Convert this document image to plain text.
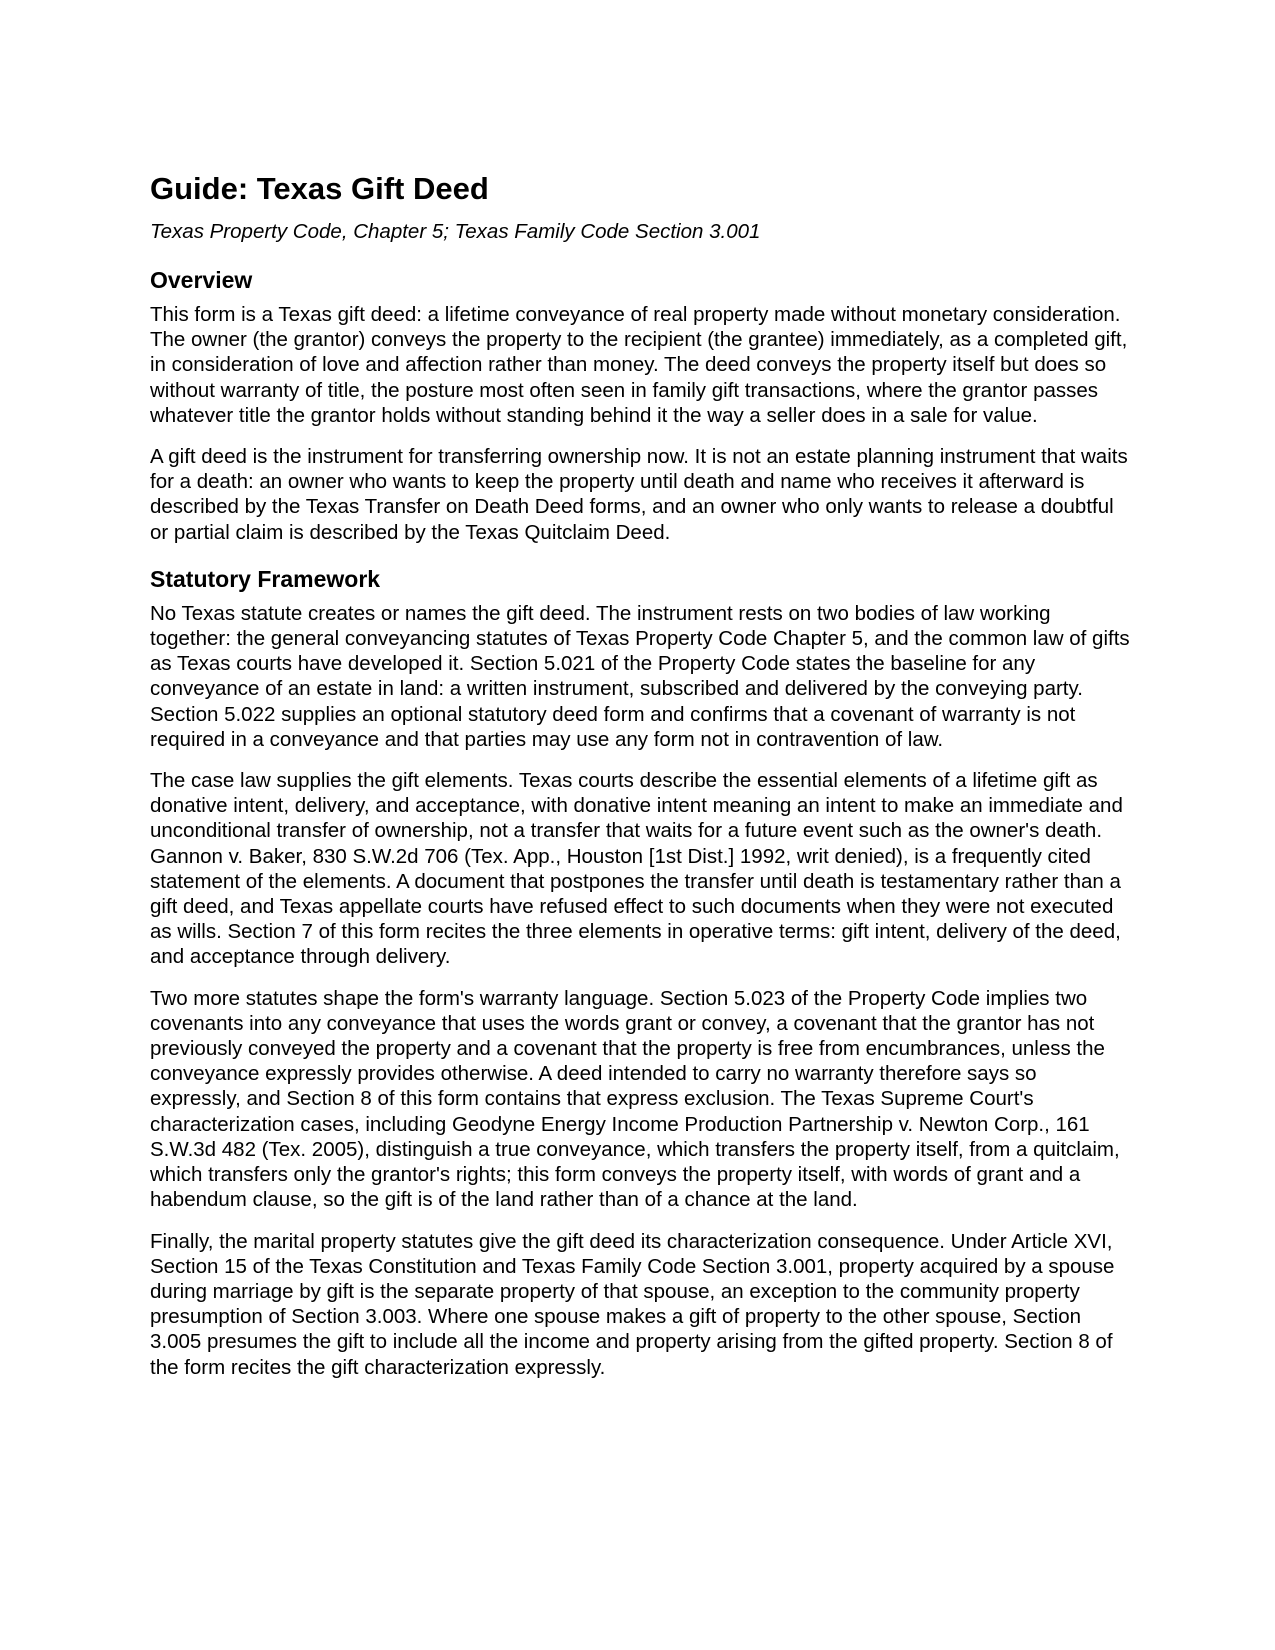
Guide: Texas Gift Deed
Texas Property Code, Chapter 5; Texas Family Code Section 3.001
Overview

This form is a Texas gift deed: a lifetime conveyance of real property made without monetary consideration. The owner (the grantor) conveys the property to the recipient (the grantee) immediately, as a completed gift, in consideration of love and affection rather than money. The deed conveys the property itself but does so without warranty of title, the posture most often seen in family gift transactions, where the grantor passes whatever title the grantor holds without standing behind it the way a seller does in a sale for value.

A gift deed is the instrument for transferring ownership now. It is not an estate planning instrument that waits for a death: an owner who wants to keep the property until death and name who receives it afterward is described by the Texas Transfer on Death Deed forms, and an owner who only wants to release a doubtful or partial claim is described by the Texas Quitclaim Deed.

Statutory Framework

No Texas statute creates or names the gift deed. The instrument rests on two bodies of law working together: the general conveyancing statutes of Texas Property Code Chapter 5, and the common law of gifts as Texas courts have developed it. Section 5.021 of the Property Code states the baseline for any conveyance of an estate in land: a written instrument, subscribed and delivered by the conveying party. Section 5.022 supplies an optional statutory deed form and confirms that a covenant of warranty is not required in a conveyance and that parties may use any form not in contravention of law.

The case law supplies the gift elements. Texas courts describe the essential elements of a lifetime gift as donative intent, delivery, and acceptance, with donative intent meaning an intent to make an immediate and unconditional transfer of ownership, not a transfer that waits for a future event such as the owner's death. Gannon v. Baker, 830 S.W.2d 706 (Tex. App., Houston [1st Dist.] 1992, writ denied), is a frequently cited statement of the elements. A document that postpones the transfer until death is testamentary rather than a gift deed, and Texas appellate courts have refused effect to such documents when they were not executed as wills. Section 7 of this form recites the three elements in operative terms: gift intent, delivery of the deed, and acceptance through delivery.

Two more statutes shape the form's warranty language. Section 5.023 of the Property Code implies two covenants into any conveyance that uses the words grant or convey, a covenant that the grantor has not previously conveyed the property and a covenant that the property is free from encumbrances, unless the conveyance expressly provides otherwise. A deed intended to carry no warranty therefore says so expressly, and Section 8 of this form contains that express exclusion. The Texas Supreme Court's characterization cases, including Geodyne Energy Income Production Partnership v. Newton Corp., 161 S.W.3d 482 (Tex. 2005), distinguish a true conveyance, which transfers the property itself, from a quitclaim, which transfers only the grantor's rights; this form conveys the property itself, with words of grant and a habendum clause, so the gift is of the land rather than of a chance at the land.

Finally, the marital property statutes give the gift deed its characterization consequence. Under Article XVI, Section 15 of the Texas Constitution and Texas Family Code Section 3.001, property acquired by a spouse during marriage by gift is the separate property of that spouse, an exception to the community property presumption of Section 3.003. Where one spouse makes a gift of property to the other spouse, Section 3.005 presumes the gift to include all the income and property arising from the gifted property. Section 8 of the form recites the gift characterization expressly.
